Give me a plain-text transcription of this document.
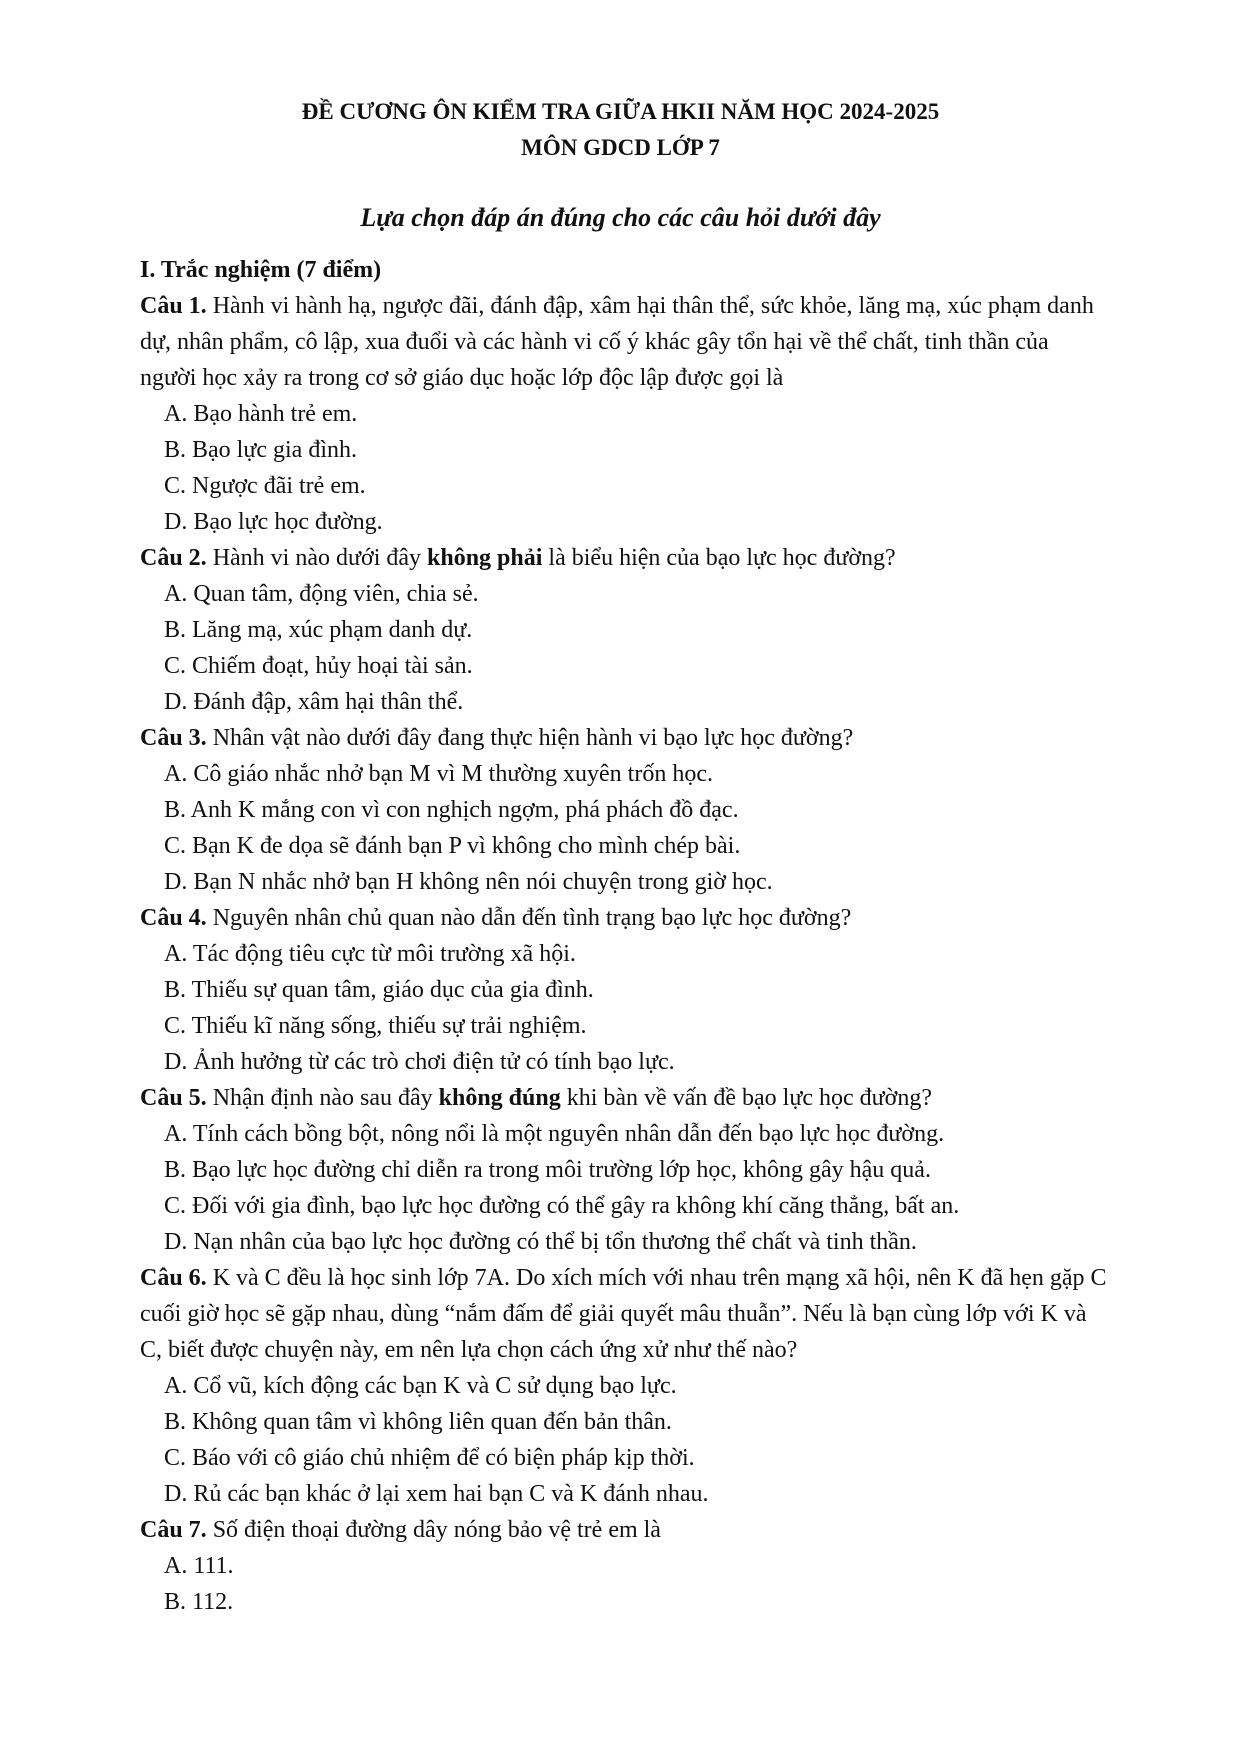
ĐỀ CƯƠNG ÔN KIỂM TRA GIỮA HKII NĂM HỌC 2024-2025

MÔN GDCD LỚP 7

Lựa chọn đáp án đúng cho các câu hỏi dưới đây

I. Trắc nghiệm (7 điểm)

Câu 1. Hành vi hành hạ, ngược đãi, đánh đập, xâm hại thân thể, sức khỏe, lăng mạ, xúc phạm danh dự, nhân phẩm, cô lập, xua đuổi và các hành vi cố ý khác gây tổn hại về thể chất, tinh thần của người học xảy ra trong cơ sở giáo dục hoặc lớp độc lập được gọi là

A. Bạo hành trẻ em.

B. Bạo lực gia đình.

C. Ngược đãi trẻ em.

D. Bạo lực học đường.

Câu 2. Hành vi nào dưới đây không phải là biểu hiện của bạo lực học đường?

A. Quan tâm, động viên, chia sẻ.

B. Lăng mạ, xúc phạm danh dự.

C. Chiếm đoạt, hủy hoại tài sản.

D. Đánh đập, xâm hại thân thể.

Câu 3. Nhân vật nào dưới đây đang thực hiện hành vi bạo lực học đường?

A. Cô giáo nhắc nhở bạn M vì M thường xuyên trốn học.

B. Anh K mắng con vì con nghịch ngợm, phá phách đồ đạc.

C. Bạn K đe dọa sẽ đánh bạn P vì không cho mình chép bài.

D. Bạn N nhắc nhở bạn H không nên nói chuyện trong giờ học.

Câu 4. Nguyên nhân chủ quan nào dẫn đến tình trạng bạo lực học đường?

A. Tác động tiêu cực từ môi trường xã hội.

B. Thiếu sự quan tâm, giáo dục của gia đình.

C. Thiếu kĩ năng sống, thiếu sự trải nghiệm.

D. Ảnh hưởng từ các trò chơi điện tử có tính bạo lực.

Câu 5. Nhận định nào sau đây không đúng khi bàn về vấn đề bạo lực học đường?

A. Tính cách bồng bột, nông nổi là một nguyên nhân dẫn đến bạo lực học đường.

B. Bạo lực học đường chỉ diễn ra trong môi trường lớp học, không gây hậu quả.

C. Đối với gia đình, bạo lực học đường có thể gây ra không khí căng thẳng, bất an.

D. Nạn nhân của bạo lực học đường có thể bị tổn thương thể chất và tinh thần.

Câu 6. K và C đều là học sinh lớp 7A. Do xích mích với nhau trên mạng xã hội, nên K đã hẹn gặp C cuối giờ học sẽ gặp nhau, dùng “nắm đấm để giải quyết mâu thuẫn”. Nếu là bạn cùng lớp với K và C, biết được chuyện này, em nên lựa chọn cách ứng xử như thế nào?

A. Cổ vũ, kích động các bạn K và C sử dụng bạo lực.

B. Không quan tâm vì không liên quan đến bản thân.

C. Báo với cô giáo chủ nhiệm để có biện pháp kịp thời.

D. Rủ các bạn khác ở lại xem hai bạn C và K đánh nhau.

Câu 7. Số điện thoại đường dây nóng bảo vệ trẻ em là

A. 111.

B. 112.
